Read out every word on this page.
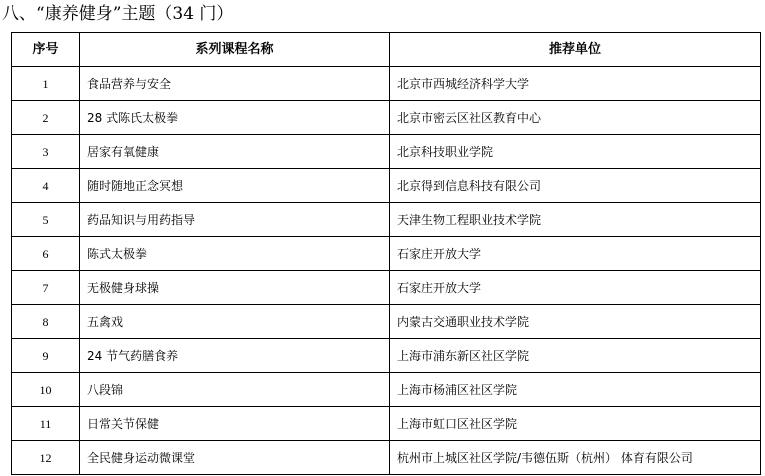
八、“康养健身”主题（34 门）
序号	系列课程名称	推荐单位
1	食品营养与安全	北京市西城经济科学大学
2	28 式陈氏太极拳	北京市密云区社区教育中心
3	居家有氧健康	北京科技职业学院
4	随时随地正念冥想	北京得到信息科技有限公司
5	药品知识与用药指导	天津生物工程职业技术学院
6	陈式太极拳	石家庄开放大学
7	无极健身球操	石家庄开放大学
8	五禽戏	内蒙古交通职业技术学院
9	24 节气药膳食养	上海市浦东新区社区学院
10	八段锦	上海市杨浦区社区学院
11	日常关节保健	上海市虹口区社区学院
12	全民健身运动微课堂	杭州市上城区社区学院/韦德伍斯（杭州） 体育有限公司
